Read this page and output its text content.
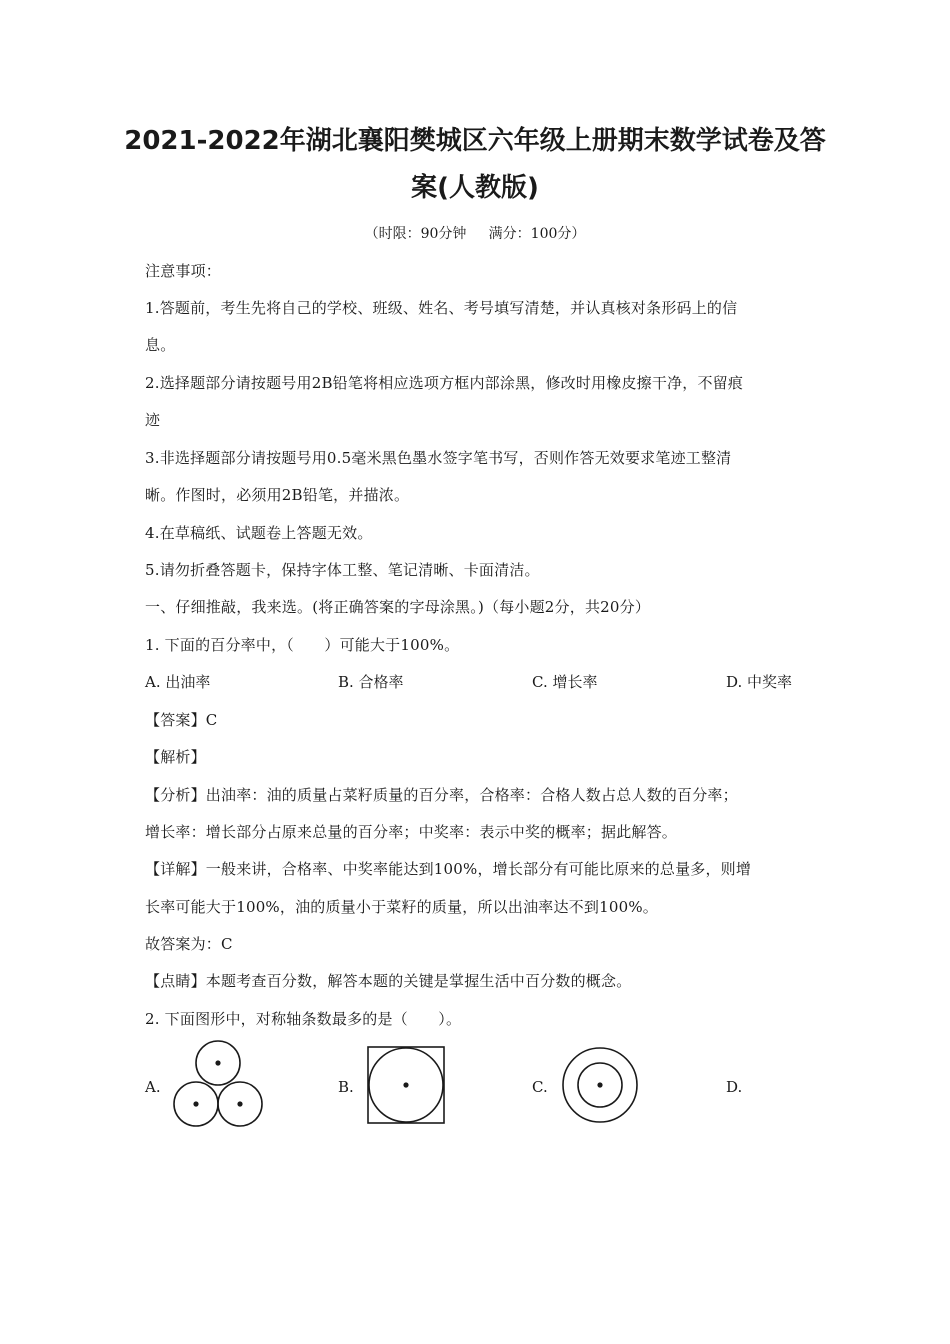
2021-2022年湖北襄阳樊城区六年级上册期末数学试卷及答
案(人教版)
（时限：90分钟     满分：100分）
注意事项：
1.答题前，考生先将自己的学校、班级、姓名、考号填写清楚，并认真核对条形码上的信
息。
2.选择题部分请按题号用2B铅笔将相应选项方框内部涂黑，修改时用橡皮擦干净，不留痕
迹
3.非选择题部分请按题号用0.5毫米黑色墨水签字笔书写，否则作答无效要求笔迹工整清
晰。作图时，必须用2B铅笔，并描浓。
4.在草稿纸、试题卷上答题无效。
5.请勿折叠答题卡，保持字体工整、笔记清晰、卡面清洁。
一、仔细推敲，我来选。(将正确答案的字母涂黑。)（每小题2分，共20分）
1. 下面的百分率中，（　　）可能大于100%。
A. 出油率	B. 合格率	C. 增长率	D. 中奖率
【答案】C
【解析】
【分析】出油率：油的质量占菜籽质量的百分率，合格率：合格人数占总人数的百分率；
增长率：增长部分占原来总量的百分率；中奖率：表示中奖的概率；据此解答。
【详解】一般来讲，合格率、中奖率能达到100%，增长部分有可能比原来的总量多，则增
长率可能大于100%，油的质量小于菜籽的质量，所以出油率达不到100%。
故答案为：C
【点睛】本题考查百分数，解答本题的关键是掌握生活中百分数的概念。
2. 下面图形中，对称轴条数最多的是（　　）。
A.	B.	C.	D.
